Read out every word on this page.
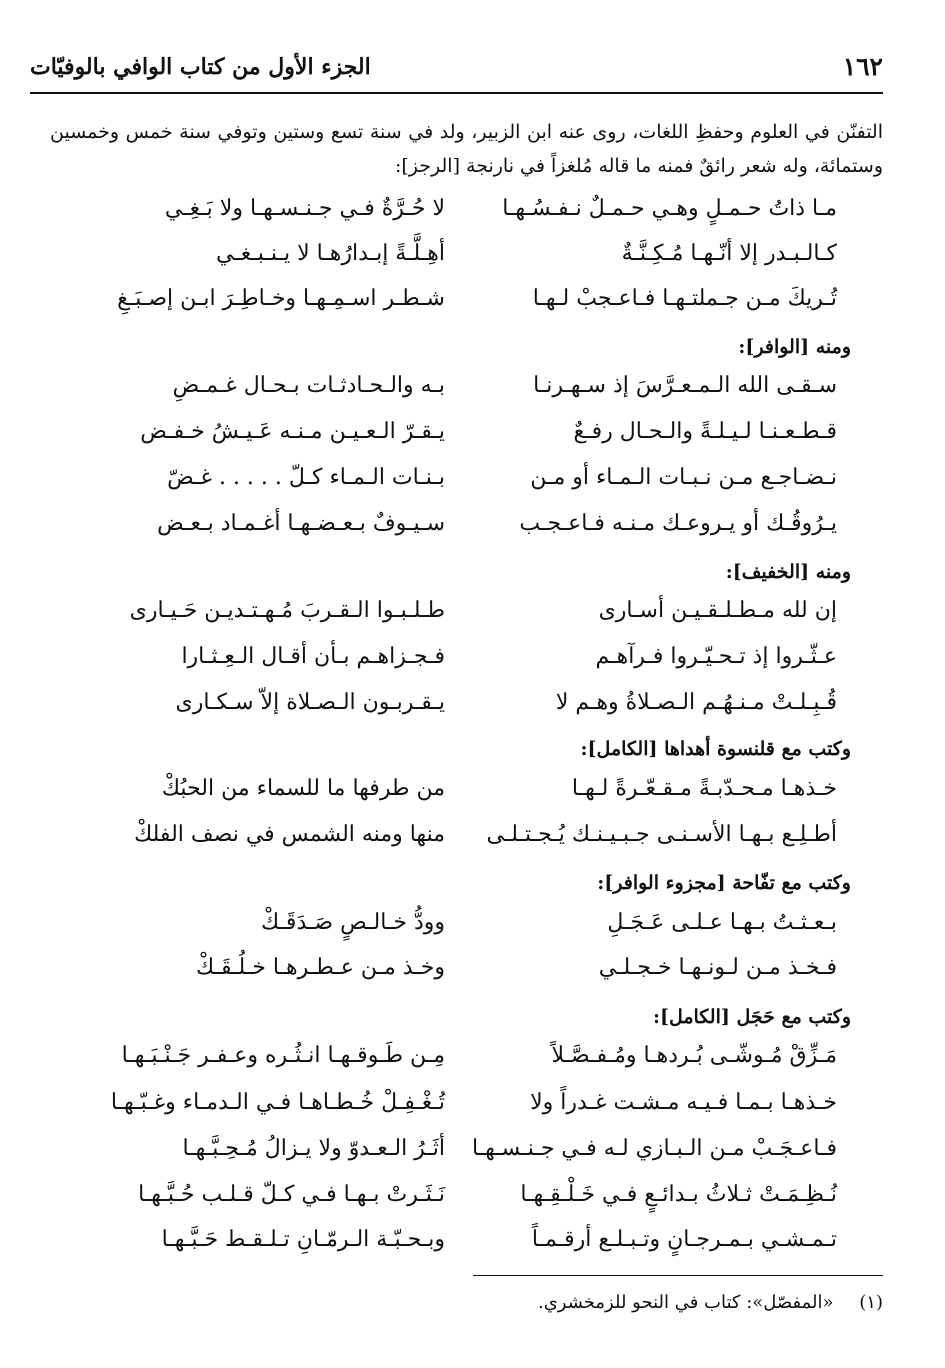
١٦٢
الجزء الأول من كتاب الوافي بالوفيّات
التفنّن في العلوم وحفظِ اللغات، روى عنه ابن الزبير، ولد في سنة تسع وستين وتوفي سنة خمس وخمسين وستمائة، وله شعر رائقٌ فمنه ما قاله مُلغزاً في نارنجة [الرجز]:
مـا ذاتُ حـمـلٍ وهـي حـمـلٌ نـفـسُـهـا
لا حُـرَّةٌ فـي جـنـسـهـا ولا بَـغِـي
كـالـبـدر إلا أنّـهـا مُـكِـنَّـةٌ
أهِـلَّـةً إبـدارُهـا لا يـنـبـغـي
تُـريكَ مـن جـملتـهـا فـاعـجبْ لـهـا
شـطـر اسـمِـهـا وخـاطِـرَ ابـن إصـبَـغِ
ومنه [الوافر]:
سـقـى الله الـمـعـرَّسَ إذ سـهـرنـا
بـه والـحـادثـات بـحـال غـمـضِ
قـطـعـنـا لـيـلـةً والـحـال رفـعٌ
يـقـرّ الـعـيـن مـنـه عَـيـشُ خـفـض
نـضـاجـع مـن نـبـات الـمـاء أو مـن
بـنـات الـمـاء كـلّ . . . . . غـضّ
يـرُوقُـك أو يـروعـك مـنـه فـاعـجـب
سـيـوفٌ بـعـضـهـا أغـمـاد بـعـض
ومنه [الخفيف]:
إن لله مـطـلـقـيـن أسـارى
طـلـبـوا الـقـربَ مُـهـتـديـن حَـيـارى
عـثّـروا إذ تـحـيّـروا فـرآهـم
فـجـزاهـم بـأن أقـال الـعِـثـارا
قُـبِـلـتْ مـنـهُـم الـصـلاةُ وهـم لا
يـقـربـون الـصـلاة إلاّ سـكـارى
وكتب مع قلنسوة أهداها [الكامل]:
خـذهـا مـحـدّبـةً مـقـعّـرةً لـهـا
من طرفها ما للسماء من الحبُكْ
أطـلِـع بـهـا الأسـنـى جـبـيـنـك يُـجـتـلـى
منها ومنه الشمس في نصف الفلكْ
وكتب مع تفّاحة [مجزوء الوافر]:
بـعـثـتُ بـهـا عـلـى عَـجَـلِ
وودُّ خـالـصٍ صَـدَقَـكْ
فـخـذ مـن لـونـهـا خـجـلـي
وخـذ مـن عـطـرهـا خـلُـقَـكْ
وكتب مع حَجَل [الكامل]:
مَـزِّقْ مُـوشّـى بُـردهـا ومُـفـصَّـلاً
مِـن طَـوقـهـا انـثُـره وعـفـر جَـنْـبَـهـا
خـذهـا بـمـا فـيـه مـشـت غـدراً ولا
تُـغْـفِـلْ خُـطـاهـا فـي الـدمـاء وغـبّـهـا
فـاعـجَـبْ مـن الـبـازي لـه فـي جـنـسـهـا
أثَـرُ الـعـدوّ ولا يـزالُ مُـحِـبَّـهـا
نُـظِـمَـتْ ثـلاثُ بـدائـعٍ فـي خَـلْـقِـهـا
نَـثَـرتْ بـهـا فـي كـلّ قـلـب حُـبَّـهـا
تـمـشـي بـمـرجـانٍ وتـبـلـع أرقـمـاً
وبـحـبّـة الـرمّـانِ تـلـقـط حَـبَّـهـا
(١) «المفصّل»: كتاب في النحو للزمخشري.
